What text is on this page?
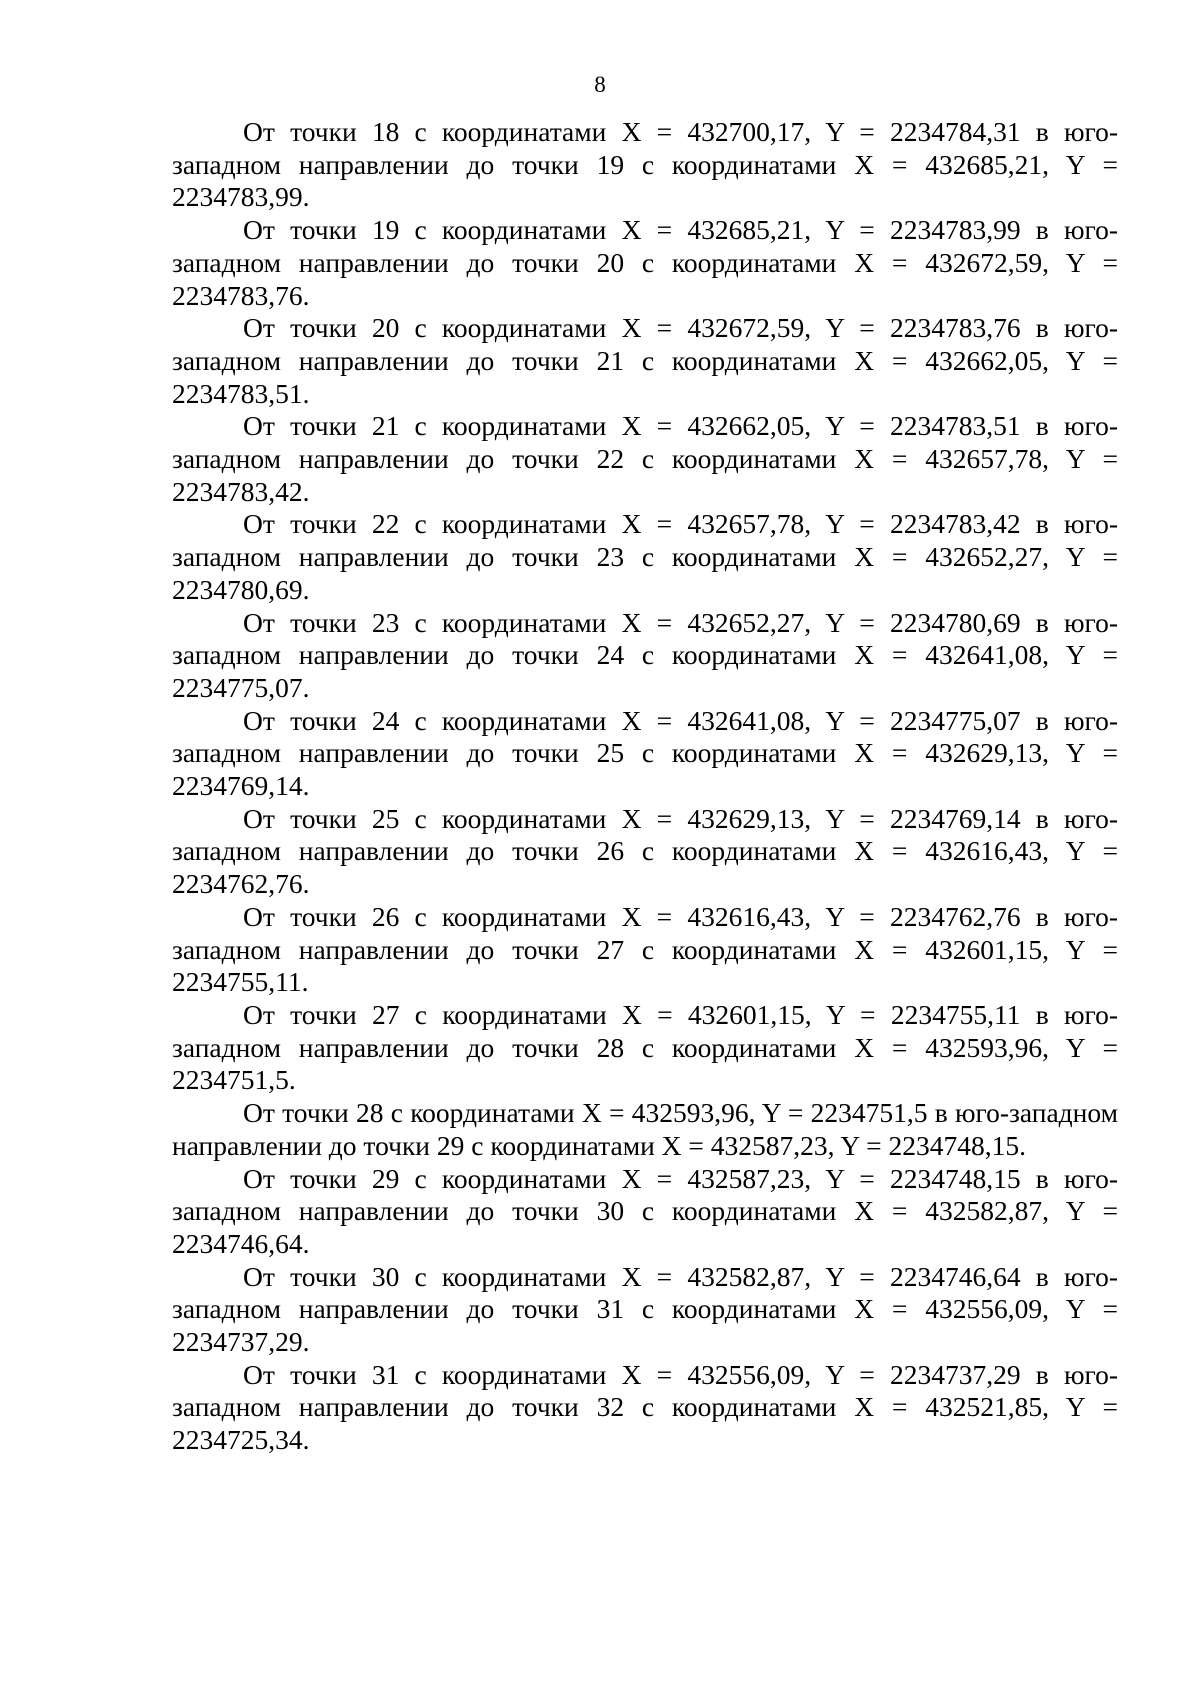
8

От точки 18 с координатами X = 432700,17, Y = 2234784,31 в юго-западном направлении до точки 19 с координатами X = 432685,21, Y = 2234783,99.

От точки 19 с координатами X = 432685,21, Y = 2234783,99 в юго-западном направлении до точки 20 с координатами X = 432672,59, Y = 2234783,76.

От точки 20 с координатами X = 432672,59, Y = 2234783,76 в юго-западном направлении до точки 21 с координатами X = 432662,05, Y = 2234783,51.

От точки 21 с координатами X = 432662,05, Y = 2234783,51 в юго-западном направлении до точки 22 с координатами X = 432657,78, Y = 2234783,42.

От точки 22 с координатами X = 432657,78, Y = 2234783,42 в юго-западном направлении до точки 23 с координатами X = 432652,27, Y = 2234780,69.

От точки 23 с координатами X = 432652,27, Y = 2234780,69 в юго-западном направлении до точки 24 с координатами X = 432641,08, Y = 2234775,07.

От точки 24 с координатами X = 432641,08, Y = 2234775,07 в юго-западном направлении до точки 25 с координатами X = 432629,13, Y = 2234769,14.

От точки 25 с координатами X = 432629,13, Y = 2234769,14 в юго-западном направлении до точки 26 с координатами X = 432616,43, Y = 2234762,76.

От точки 26 с координатами X = 432616,43, Y = 2234762,76 в юго-западном направлении до точки 27 с координатами X = 432601,15, Y = 2234755,11.

От точки 27 с координатами X = 432601,15, Y = 2234755,11 в юго-западном направлении до точки 28 с координатами X = 432593,96, Y = 2234751,5.

От точки 28 с координатами X = 432593,96, Y = 2234751,5 в юго-западном направлении до точки 29 с координатами X = 432587,23, Y = 2234748,15.

От точки 29 с координатами X = 432587,23, Y = 2234748,15 в юго-западном направлении до точки 30 с координатами X = 432582,87, Y = 2234746,64.

От точки 30 с координатами X = 432582,87, Y = 2234746,64 в юго-западном направлении до точки 31 с координатами X = 432556,09, Y = 2234737,29.

От точки 31 с координатами X = 432556,09, Y = 2234737,29 в юго-западном направлении до точки 32 с координатами X = 432521,85, Y = 2234725,34.
